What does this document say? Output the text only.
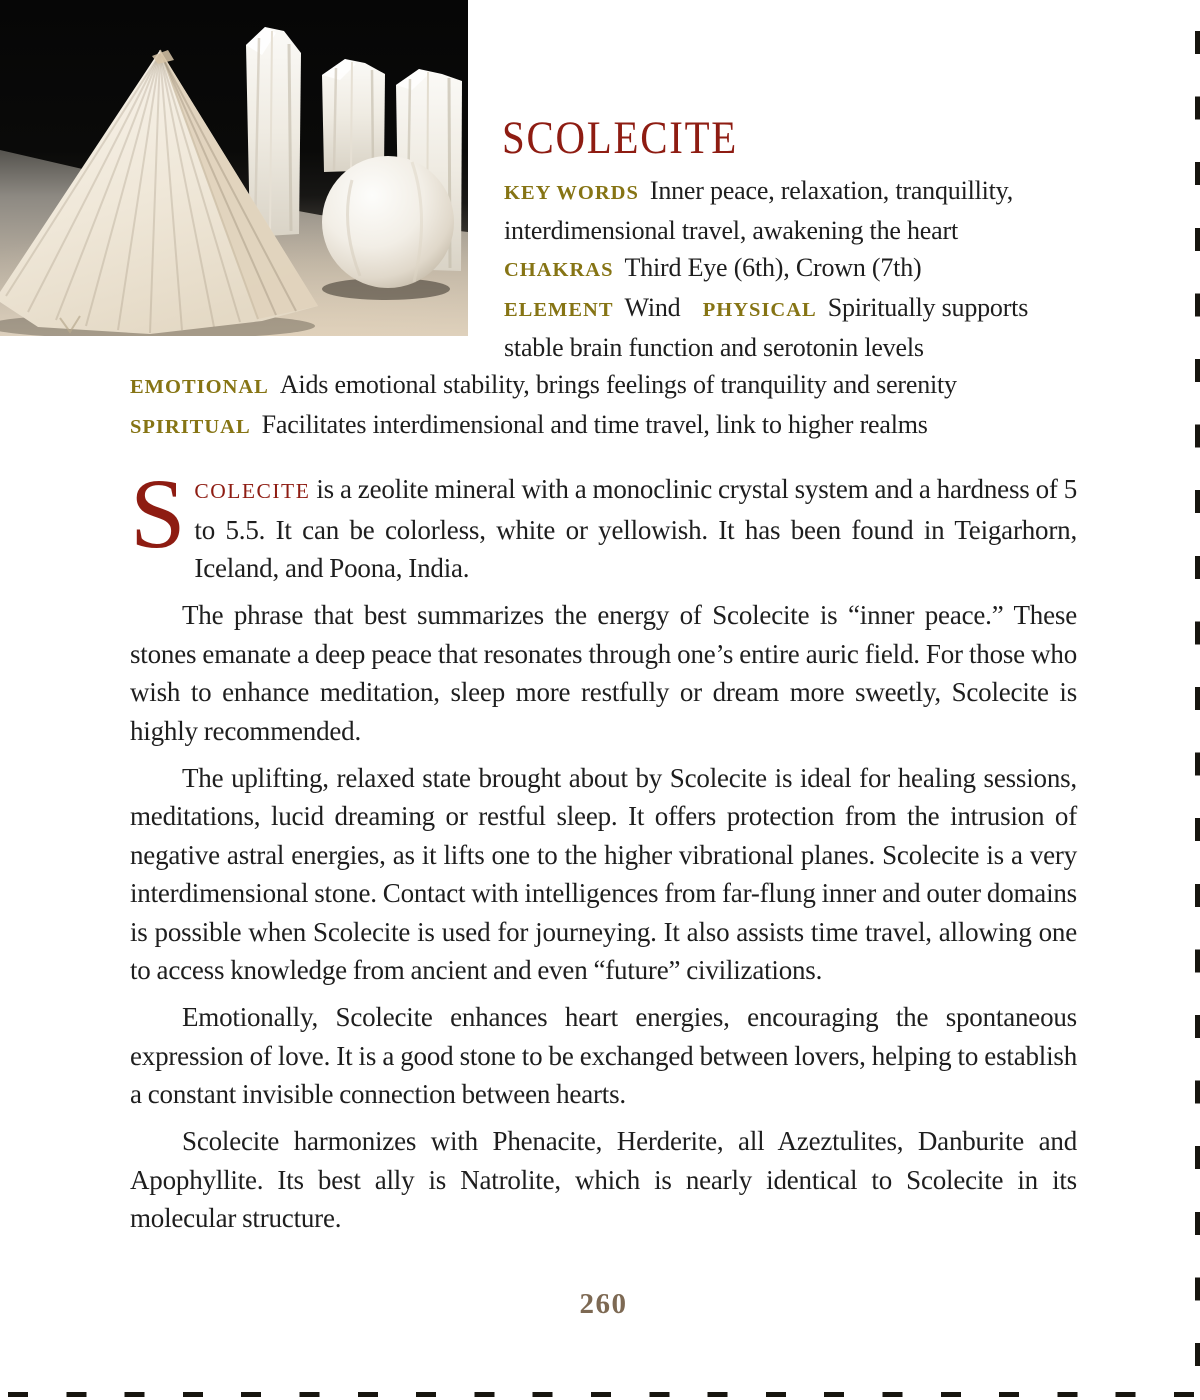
SCOLECITE
KEY WORDS Inner peace, relaxation, tranquillity, interdimensional travel, awakening the heart CHAKRAS Third Eye (6th), Crown (7th) ELEMENT Wind PHYSICAL Spiritually supports stable brain function and serotonin levels EMOTIONAL Aids emotional stability, brings feelings of tranquility and serenity SPIRITUAL Facilitates interdimensional and time travel, link to higher realms

SCOLECITE is a zeolite mineral with a monoclinic crystal system and a hardness of 5 to 5.5. It can be colorless, white or yellowish. It has been found in Teigarhorn, Iceland, and Poona, India.

The phrase that best summarizes the energy of Scolecite is “inner peace.” These stones emanate a deep peace that resonates through one’s entire auric field. For those who wish to enhance meditation, sleep more restfully or dream more sweetly, Scolecite is highly recommended.

The uplifting, relaxed state brought about by Scolecite is ideal for healing sessions, meditations, lucid dreaming or restful sleep. It offers protection from the intrusion of negative astral energies, as it lifts one to the higher vibrational planes. Scolecite is a very interdimensional stone. Contact with intelligences from far-flung inner and outer domains is possible when Scolecite is used for journeying. It also assists time travel, allowing one to access knowledge from ancient and even “future” civilizations.

Emotionally, Scolecite enhances heart energies, encouraging the spontaneous expression of love. It is a good stone to be exchanged between lovers, helping to establish a constant invisible connection between hearts.

Scolecite harmonizes with Phenacite, Herderite, all Azeztulites, Danburite and Apophyllite. Its best ally is Natrolite, which is nearly identical to Scolecite in its molecular structure.

260
